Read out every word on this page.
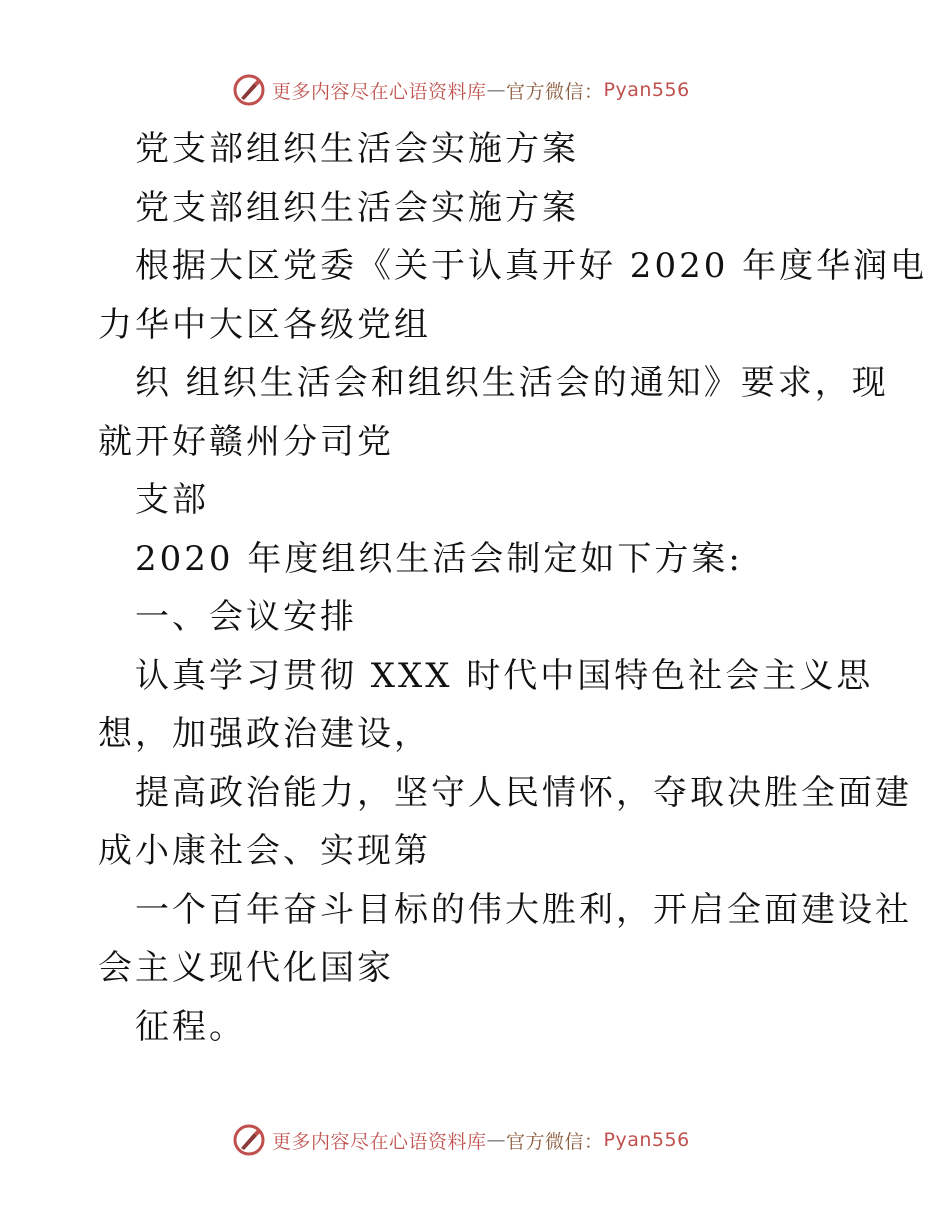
更多内容尽在心语资料库 — 官方微信： Pyan556
党支部组织生活会实施方案
党支部组织生活会实施方案
根据大区党委《关于认真开好 2020 年度华润电
力华中大区各级党组
织 组织生活会和组织生活会的通知》要求，现
就开好赣州分司党
支部
2020 年度组织生活会制定如下方案:
一、会议安排
认真学习贯彻 XXX 时代中国特色社会主义思
想，加强政治建设，
提高政治能力，坚守人民情怀，夺取决胜全面建
成小康社会、实现第
一个百年奋斗目标的伟大胜利，开启全面建设社
会主义现代化国家
征程。
更多内容尽在心语资料库 — 官方微信： Pyan556
